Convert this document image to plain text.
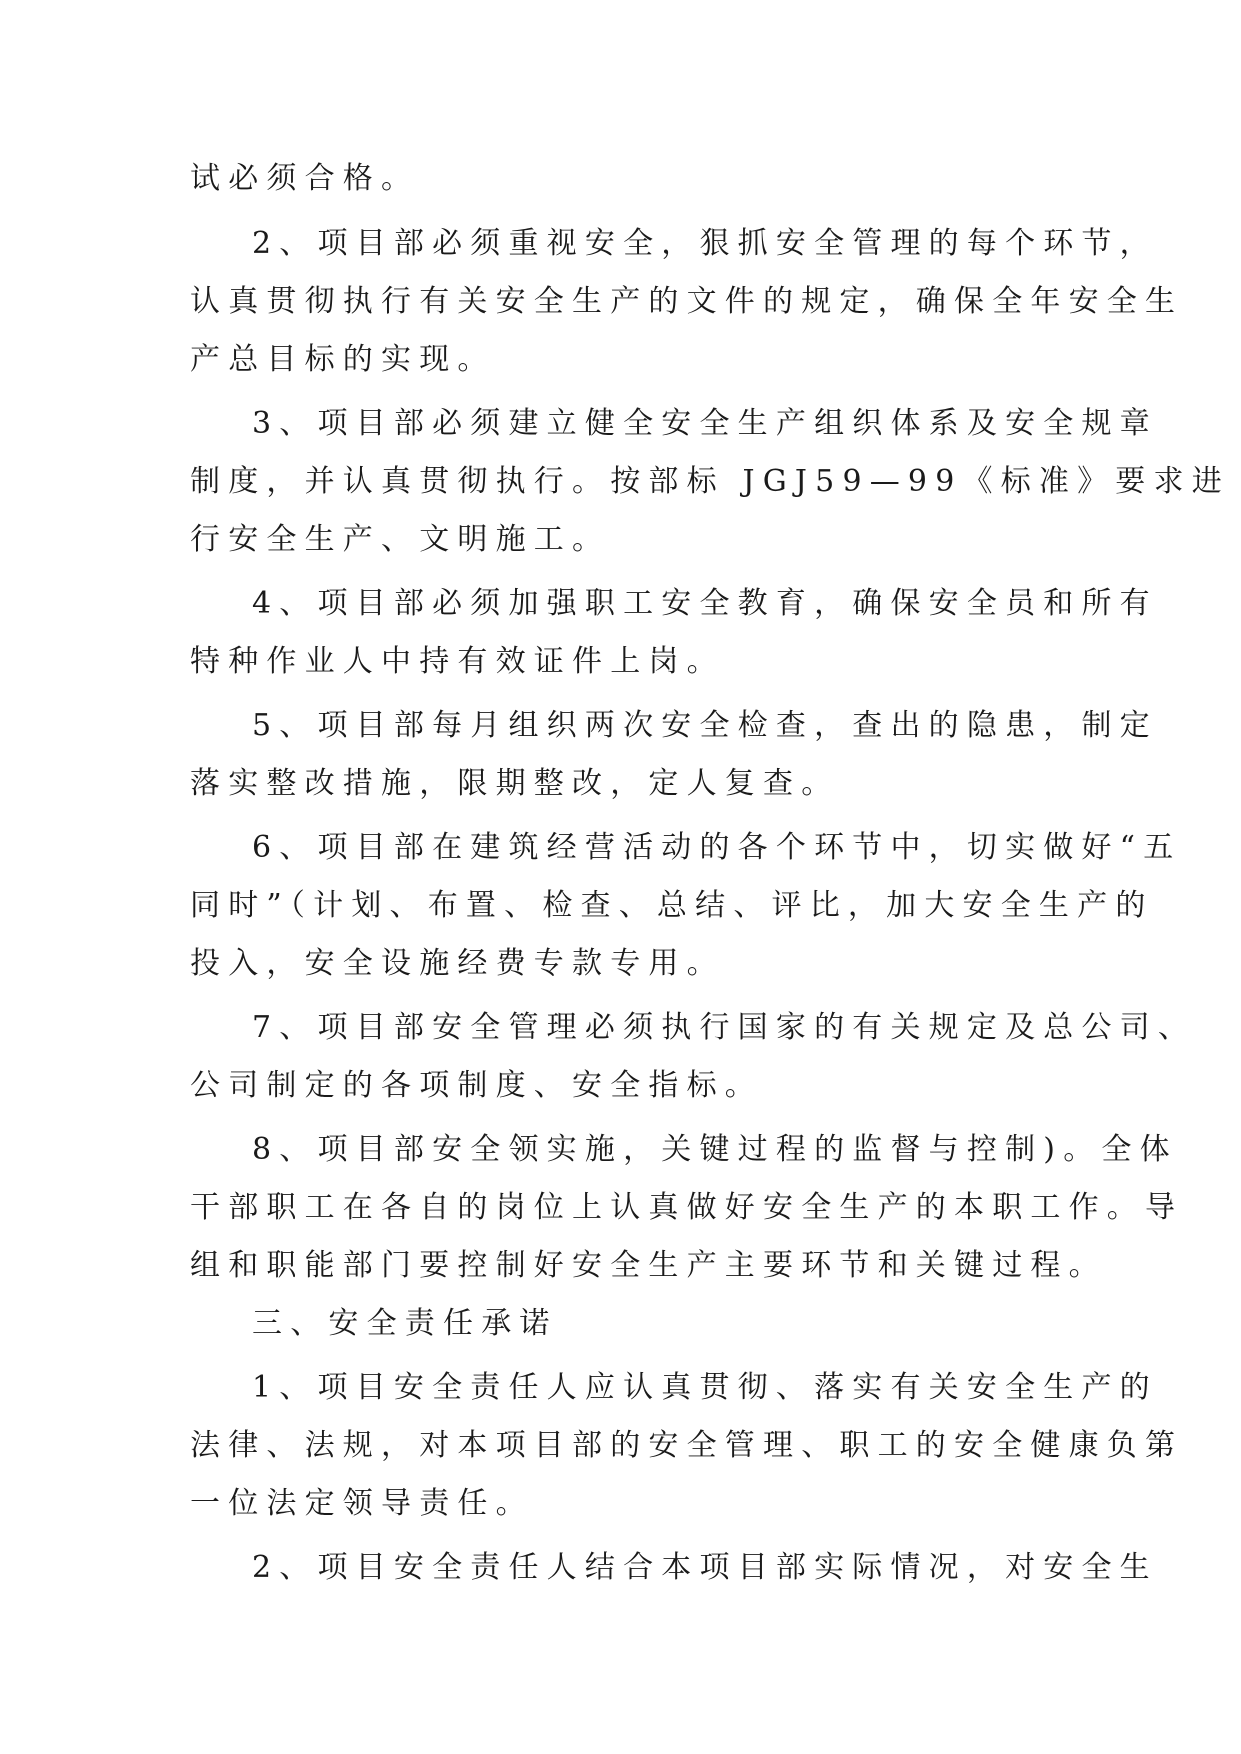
试必须合格。
2、项目部必须重视安全，狠抓安全管理的每个环节，
认真贯彻执行有关安全生产的文件的规定，确保全年安全生
产总目标的实现。
3、项目部必须建立健全安全生产组织体系及安全规章
制度，并认真贯彻执行。按部标 JGJ59—99《标准》要求进
行安全生产、文明施工。
4、项目部必须加强职工安全教育，确保安全员和所有
特种作业人中持有效证件上岗。
5、项目部每月组织两次安全检查，查出的隐患，制定
落实整改措施，限期整改，定人复查。
6、项目部在建筑经营活动的各个环节中，切实做好“五
同时”（计划、布置、检查、总结、评比，加大安全生产的
投入，安全设施经费专款专用。
7、项目部安全管理必须执行国家的有关规定及总公司、
公司制定的各项制度、安全指标。
8、项目部安全领实施，关键过程的监督与控制)。全体
干部职工在各自的岗位上认真做好安全生产的本职工作。导
组和职能部门要控制好安全生产主要环节和关键过程。
三、安全责任承诺
1、项目安全责任人应认真贯彻、落实有关安全生产的
法律、法规，对本项目部的安全管理、职工的安全健康负第
一位法定领导责任。
2、项目安全责任人结合本项目部实际情况，对安全生
